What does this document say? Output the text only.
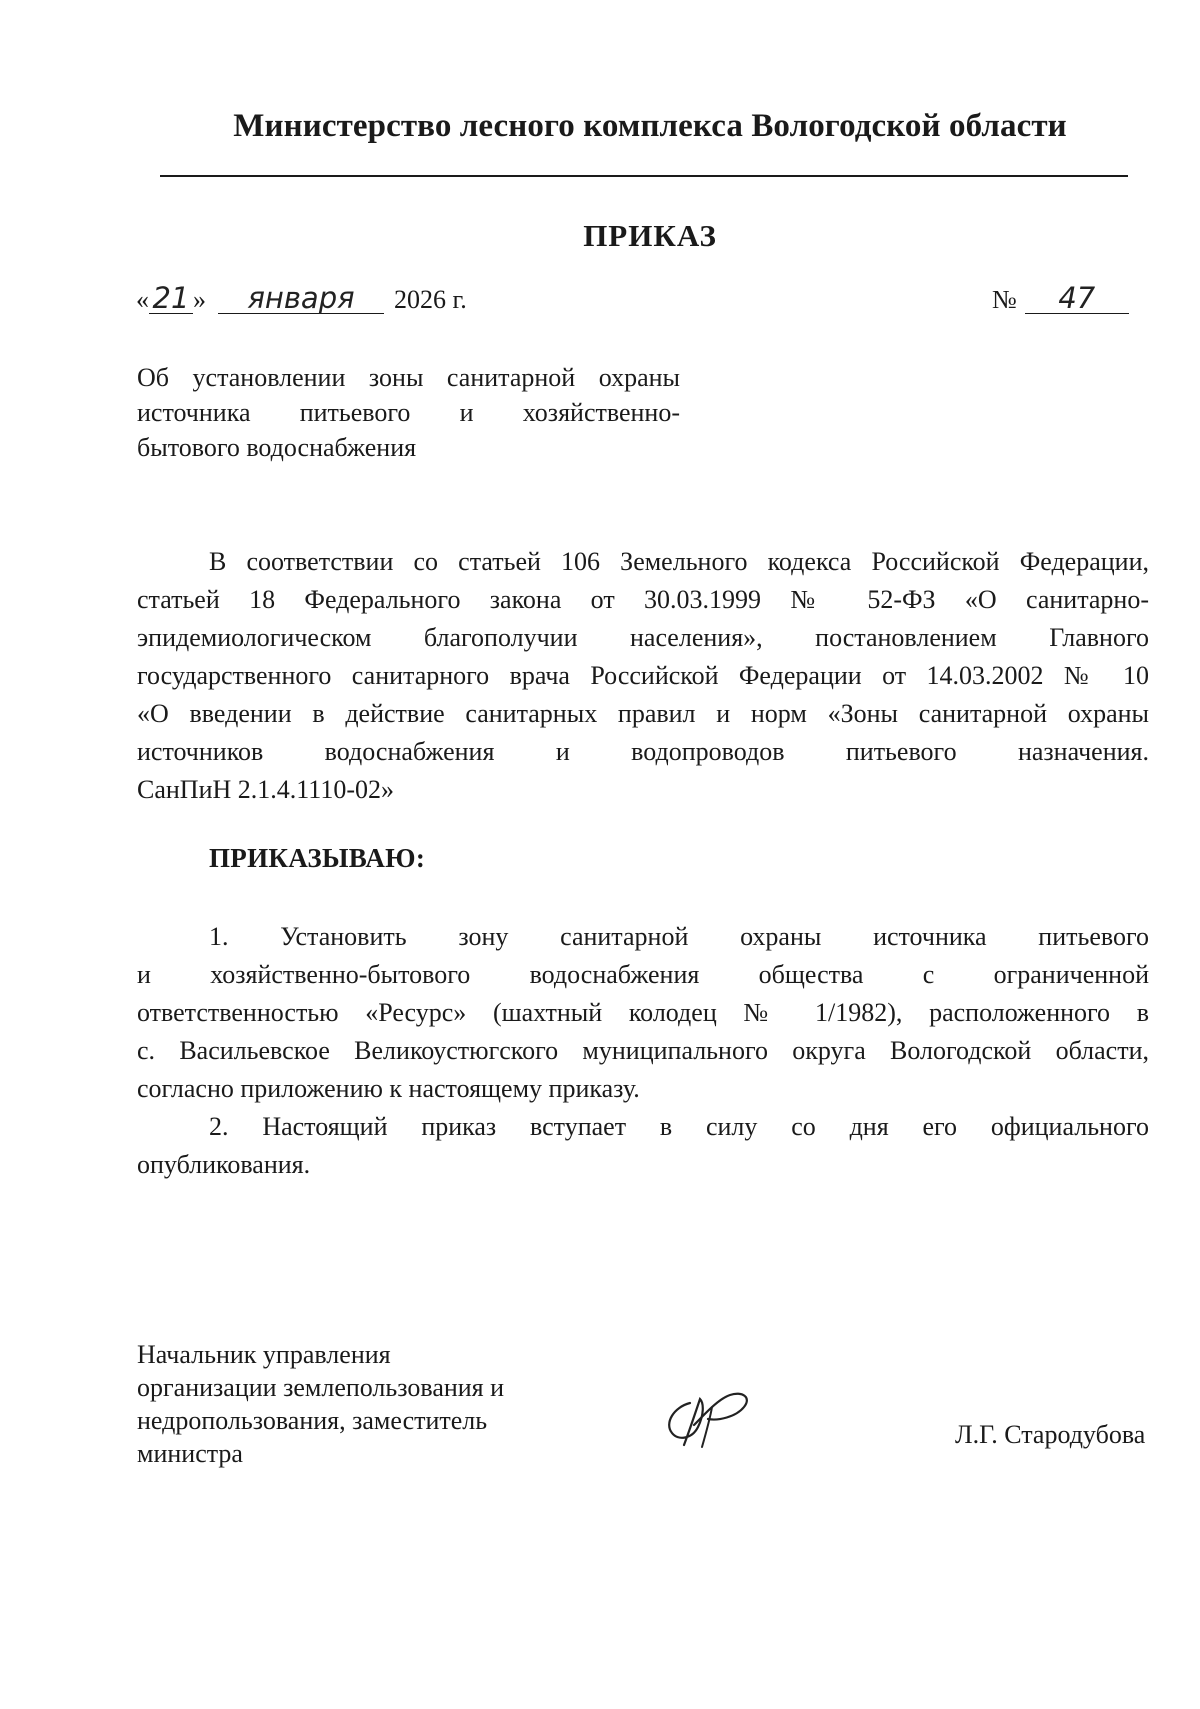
Министерство лесного комплекса Вологодской области
ПРИКАЗ
« 21 »	января	2026 г.	№	47
Об установлении зоны санитарной охраны
источника питьевого и хозяйственно-
бытового водоснабжения
В соответствии со статьей 106 Земельного кодекса Российской Федерации,
статьей 18 Федерального закона от 30.03.1999 № 52-ФЗ «О санитарно-
эпидемиологическом благополучии населения», постановлением Главного
государственного санитарного врача Российской Федерации от 14.03.2002 № 10
«О введении в действие санитарных правил и норм «Зоны санитарной охраны
источников водоснабжения и водопроводов питьевого назначения.
СанПиН 2.1.4.1110-02»
ПРИКАЗЫВАЮ:
1. Установить зону санитарной охраны источника питьевого
и хозяйственно-бытового водоснабжения общества с ограниченной
ответственностью «Ресурс» (шахтный колодец № 1/1982), расположенного в
с. Васильевское Великоустюгского муниципального округа Вологодской области,
согласно приложению к настоящему приказу.
2. Настоящий приказ вступает в силу со дня его официального
опубликования.
Начальник управления
организации землепользования и
недропользования, заместитель
министра
Л.Г. Стародубова
